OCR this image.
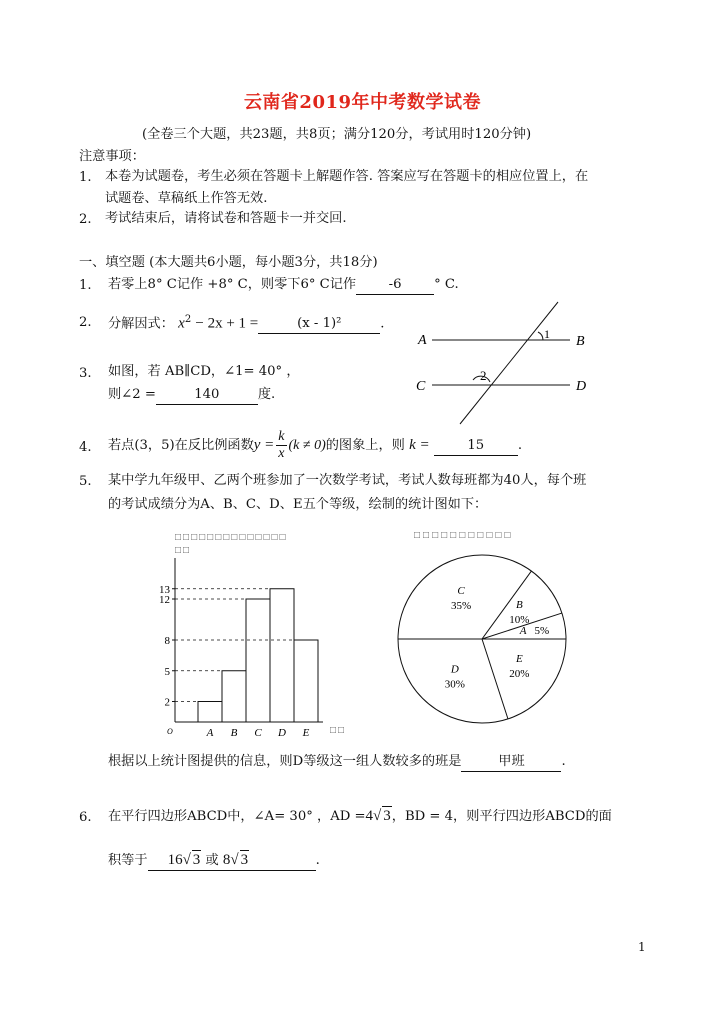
云南省2019年中考数学试卷
(全卷三个大题，共23题，共8页；满分120分，考试用时120分钟)
注意事项：
1. 本卷为试题卷，考生必须在答题卡上解题作答. 答案应写在答题卡的相应位置上，在
试题卷、草稿纸上作答无效.
2. 考试结束后，请将试卷和答题卡一并交回.
一、填空题 (本大题共6小题，每小题3分，共18分)
1. 若零上8° C记作 +8° C，则零下6° C记作 -6 ° C.
2. 分解因式： $x^2 - 2x + 1$ =	(x - 1)²	.
3. 如图，若 AB∥CD，∠1= 40° ，
则∠2 =	140	度.
A	B
C	D
1
2
4. 若点(3，5)在反比例函数$y = \frac{k}{x} (k \ne 0)$的图象上，则 k =	15	.
5. 某中学九年级甲、乙两个班参加了一次数学考试，考试人数每班都为40人，每个班
的考试成绩分为A、B、C、D、E五个等级，绘制的统计图如下：
□□□□□□□□□□□□□□
□□
□□
O
2
5
8
12
13
A B C D E
□□□□□□□□□□□
C
35%	B
10%
A 5%
E
20%
D
30%
根据以上统计图提供的信息，则D等级这一组人数较多的班是	甲班	.
6. 在平行四边形ABCD中，∠A= 30° ，AD =4√ 3，BD = 4，则平行四边形ABCD的面
积等于 16√ 3 或 8√ 3	.
1
